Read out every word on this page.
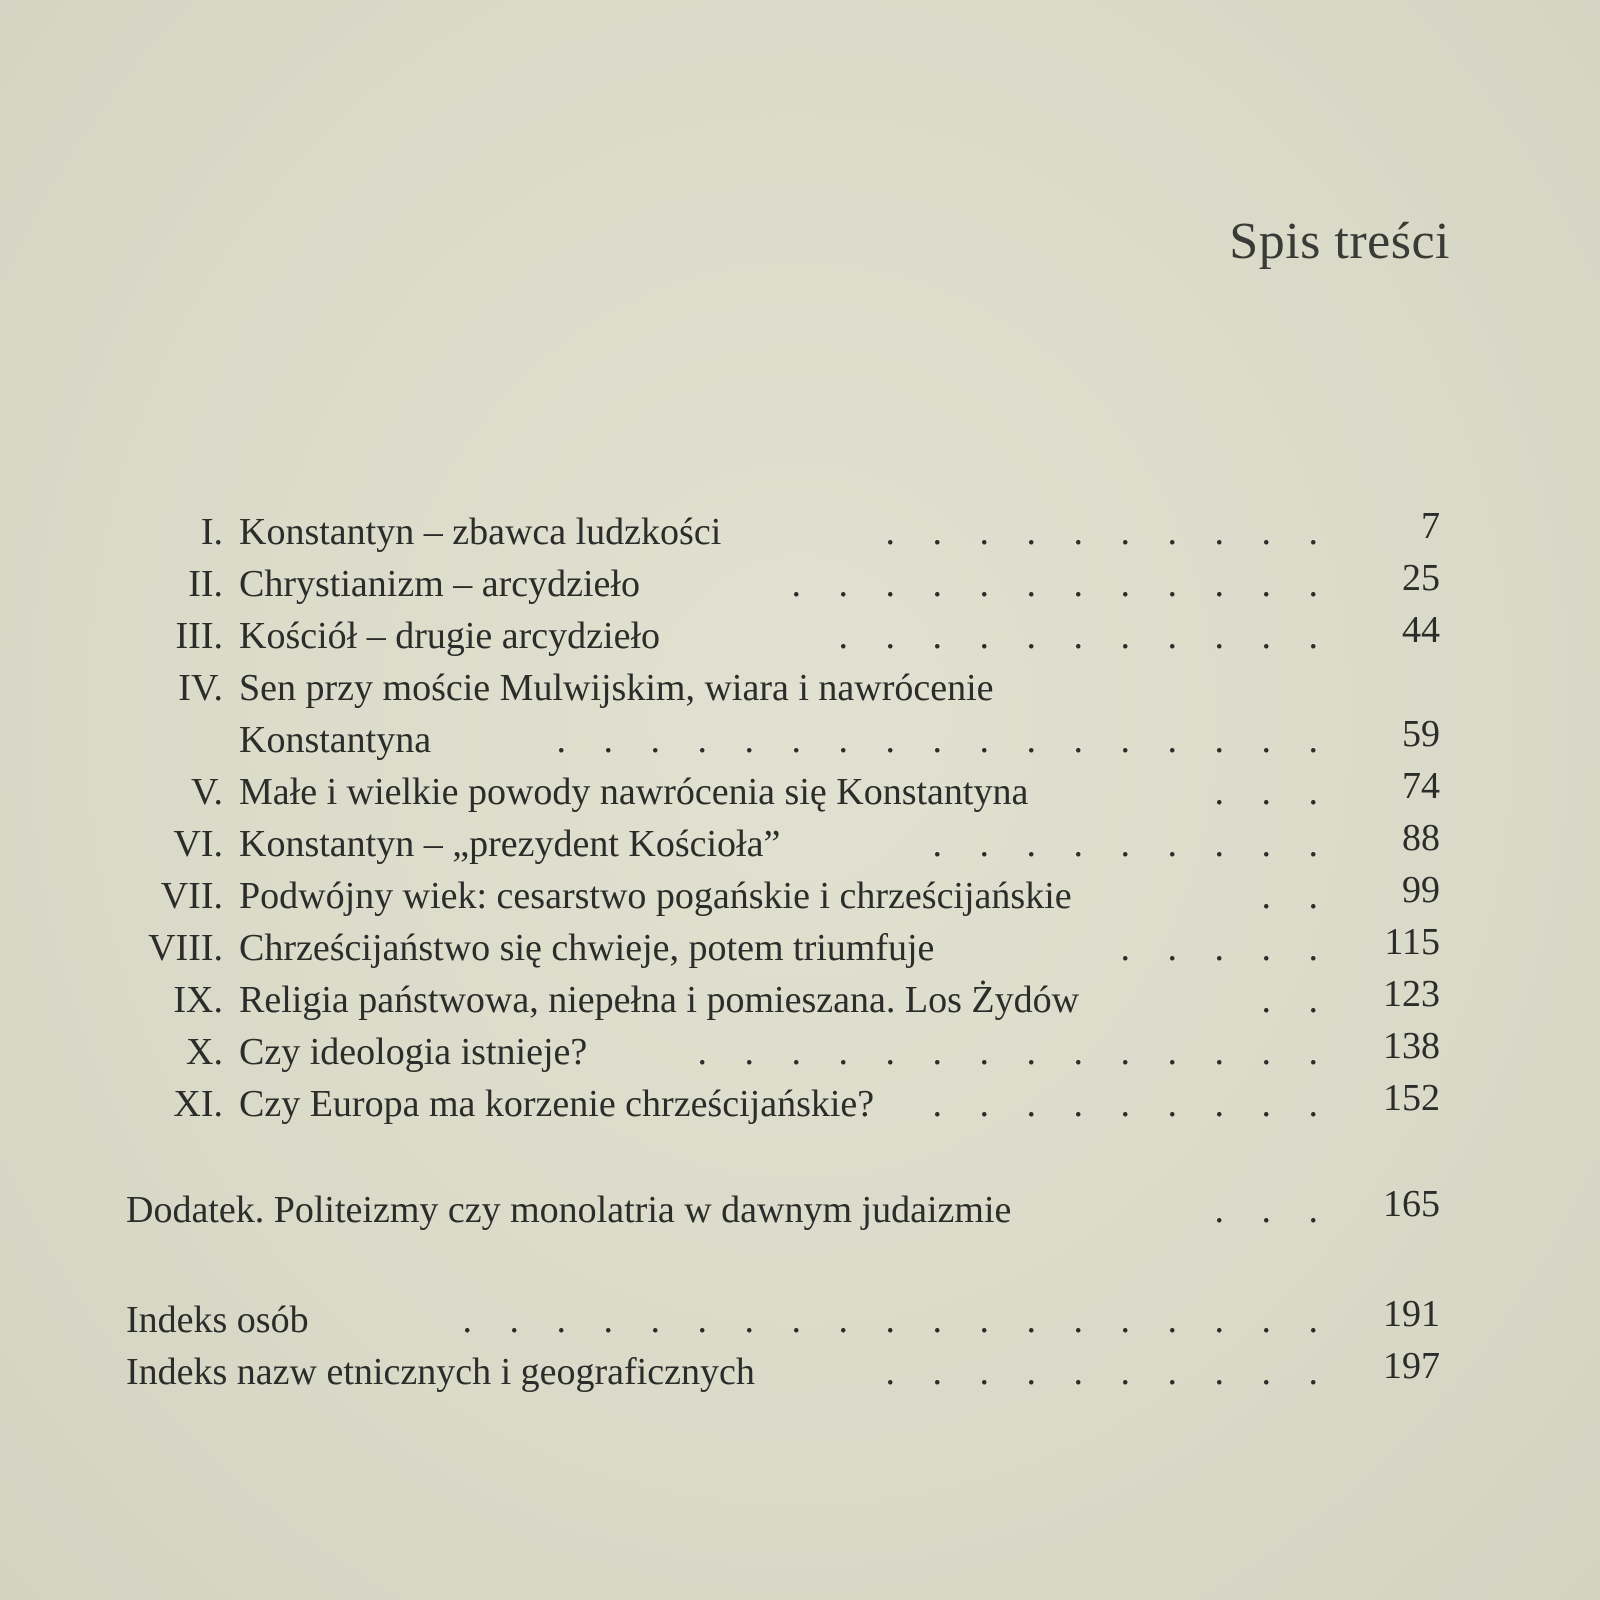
Spis treści
I. Konstantyn – zbawca ludzkości	. . . . . . . . . . 7
II. Chrystianizm – arcydzieło	. . . . . . . . . . . . 25
III. Kościół – drugie arcydzieło	. . . . . . . . . . . 44
IV. Sen przy moście Mulwijskim, wiara i nawrócenie
Konstantyna	. . . . . . . . . . . . . . . . . 59
V. Małe i wielkie powody nawrócenia się Konstantyna	. . . 74
VI. Konstantyn – „prezydent Kościoła”	. . . . . . . . . 88
VII. Podwójny wiek: cesarstwo pogańskie i chrześcijańskie	. . 99
VIII. Chrześcijaństwo się chwieje, potem triumfuje	. . . . . 115
IX. Religia państwowa, niepełna i pomieszana. Los Żydów	. . 123
X. Czy ideologia istnieje?	. . . . . . . . . . . . . . 138
XI. Czy Europa ma korzenie chrześcijańskie? . . . . . . . . . 152
Dodatek. Politeizmy czy monolatria w dawnym judaizmie	. . . 165
Indeks osób	. . . . . . . . . . . . . . . . . . . 191
Indeks nazw etnicznych i geograficznych	. . . . . . . . . . 197
